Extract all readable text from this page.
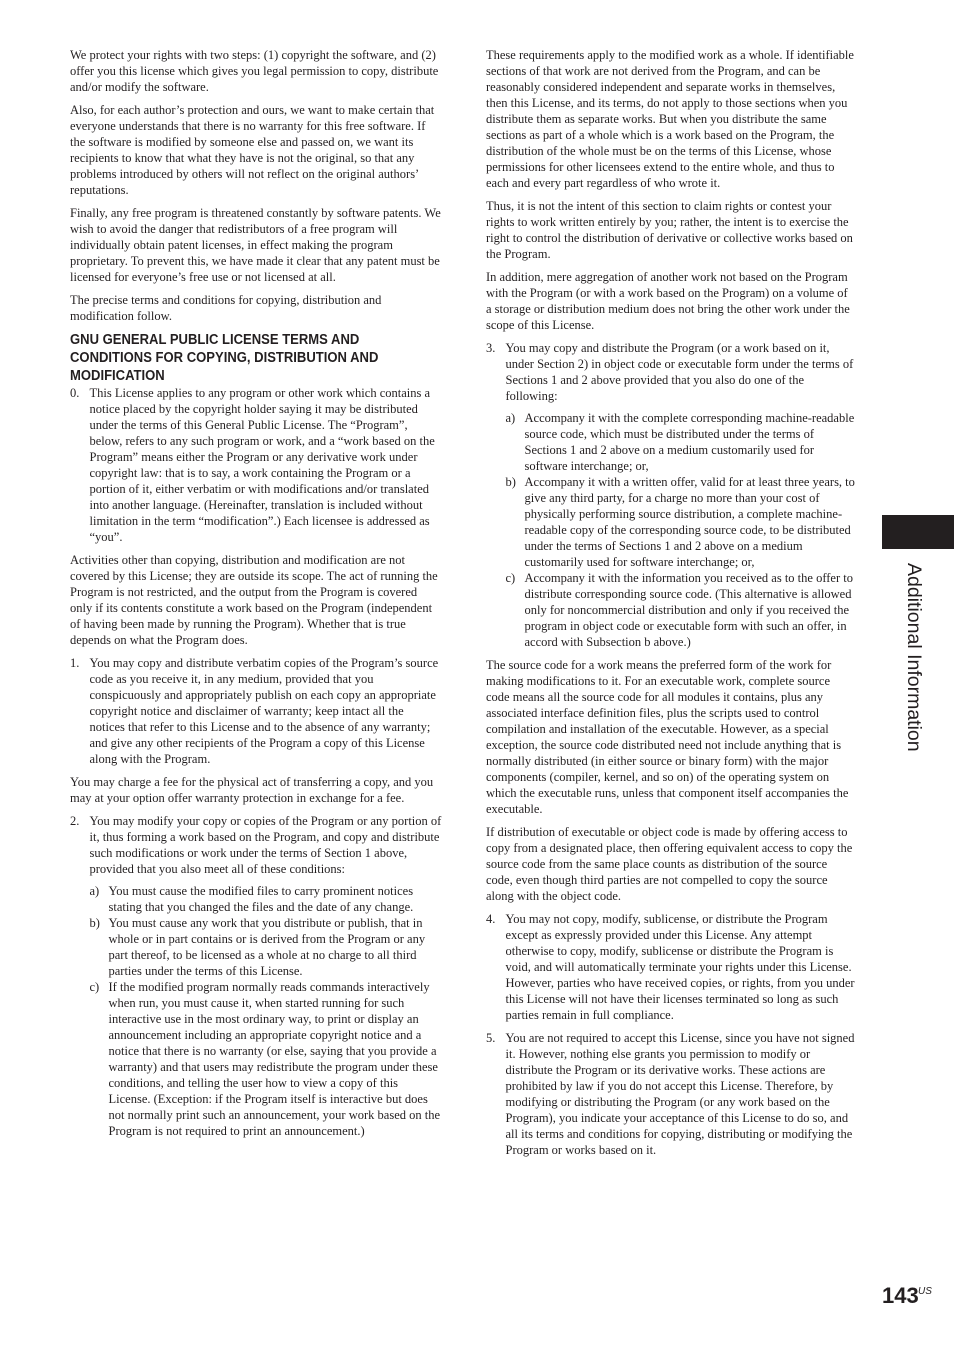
We protect your rights with two steps: (1) copyright the software, and (2) offer you this license which gives you legal permission to copy, distribute and/or modify the software.

Also, for each author’s protection and ours, we want to make certain that everyone understands that there is no warranty for this free software. If the software is modified by someone else and passed on, we want its recipients to know that what they have is not the original, so that any problems introduced by others will not reflect on the original authors’ reputations.

Finally, any free program is threatened constantly by software patents. We wish to avoid the danger that redistributors of a free program will individually obtain patent licenses, in effect making the program proprietary. To prevent this, we have made it clear that any patent must be licensed for everyone’s free use or not licensed at all.

The precise terms and conditions for copying, distribution and modification follow.

GNU GENERAL PUBLIC LICENSE TERMS AND CONDITIONS FOR COPYING, DISTRIBUTION AND MODIFICATION
0. This License applies to any program or other work which contains a notice placed by the copyright holder saying it may be distributed under the terms of this General Public License. The “Program”, below, refers to any such program or work, and a “work based on the Program” means either the Program or any derivative work under copyright law: that is to say, a work containing the Program or a portion of it, either verbatim or with modifications and/or translated into another language. (Hereinafter, translation is included without limitation in the term “modification”.) Each licensee is addressed as “you”.

Activities other than copying, distribution and modification are not covered by this License; they are outside its scope. The act of running the Program is not restricted, and the output from the Program is covered only if its contents constitute a work based on the Program (independent of having been made by running the Program). Whether that is true depends on what the Program does.

1. You may copy and distribute verbatim copies of the Program’s source code as you receive it, in any medium, provided that you conspicuously and appropriately publish on each copy an appropriate copyright notice and disclaimer of warranty; keep intact all the notices that refer to this License and to the absence of any warranty; and give any other recipients of the Program a copy of this License along with the Program.

You may charge a fee for the physical act of transferring a copy, and you may at your option offer warranty protection in exchange for a fee.

2. You may modify your copy or copies of the Program or any portion of it, thus forming a work based on the Program, and copy and distribute such modifications or work under the terms of Section 1 above, provided that you also meet all of these conditions:
a) You must cause the modified files to carry prominent notices stating that you changed the files and the date of any change.
b) You must cause any work that you distribute or publish, that in whole or in part contains or is derived from the Program or any part thereof, to be licensed as a whole at no charge to all third parties under the terms of this License.
c) If the modified program normally reads commands interactively when run, you must cause it, when started running for such interactive use in the most ordinary way, to print or display an announcement including an appropriate copyright notice and a notice that there is no warranty (or else, saying that you provide a warranty) and that users may redistribute the program under these conditions, and telling the user how to view a copy of this License. (Exception: if the Program itself is interactive but does not normally print such an announcement, your work based on the Program is not required to print an announcement.)

These requirements apply to the modified work as a whole. If identifiable sections of that work are not derived from the Program, and can be reasonably considered independent and separate works in themselves, then this License, and its terms, do not apply to those sections when you distribute them as separate works. But when you distribute the same sections as part of a whole which is a work based on the Program, the distribution of the whole must be on the terms of this License, whose permissions for other licensees extend to the entire whole, and thus to each and every part regardless of who wrote it.

Thus, it is not the intent of this section to claim rights or contest your rights to work written entirely by you; rather, the intent is to exercise the right to control the distribution of derivative or collective works based on the Program.

In addition, mere aggregation of another work not based on the Program with the Program (or with a work based on the Program) on a volume of a storage or distribution medium does not bring the other work under the scope of this License.

3. You may copy and distribute the Program (or a work based on it, under Section 2) in object code or executable form under the terms of Sections 1 and 2 above provided that you also do one of the following:
a) Accompany it with the complete corresponding machine-readable source code, which must be distributed under the terms of Sections 1 and 2 above on a medium customarily used for software interchange; or,
b) Accompany it with a written offer, valid for at least three years, to give any third party, for a charge no more than your cost of physically performing source distribution, a complete machine-readable copy of the corresponding source code, to be distributed under the terms of Sections 1 and 2 above on a medium customarily used for software interchange; or,
c) Accompany it with the information you received as to the offer to distribute corresponding source code. (This alternative is allowed only for noncommercial distribution and only if you received the program in object code or executable form with such an offer, in accord with Subsection b above.)

The source code for a work means the preferred form of the work for making modifications to it. For an executable work, complete source code means all the source code for all modules it contains, plus any associated interface definition files, plus the scripts used to control compilation and installation of the executable. However, as a special exception, the source code distributed need not include anything that is normally distributed (in either source or binary form) with the major components (compiler, kernel, and so on) of the operating system on which the executable runs, unless that component itself accompanies the executable.

If distribution of executable or object code is made by offering access to copy from a designated place, then offering equivalent access to copy the source code from the same place counts as distribution of the source code, even though third parties are not compelled to copy the source along with the object code.

4. You may not copy, modify, sublicense, or distribute the Program except as expressly provided under this License. Any attempt otherwise to copy, modify, sublicense or distribute the Program is void, and will automatically terminate your rights under this License. However, parties who have received copies, or rights, from you under this License will not have their licenses terminated so long as such parties remain in full compliance.
5. You are not required to accept this License, since you have not signed it. However, nothing else grants you permission to modify or distribute the Program or its derivative works. These actions are prohibited by law if you do not accept this License. Therefore, by modifying or distributing the Program (or any work based on the Program), you indicate your acceptance of this License to do so, and all its terms and conditions for copying, distributing or modifying the Program or works based on it.
Additional Information
143 US
